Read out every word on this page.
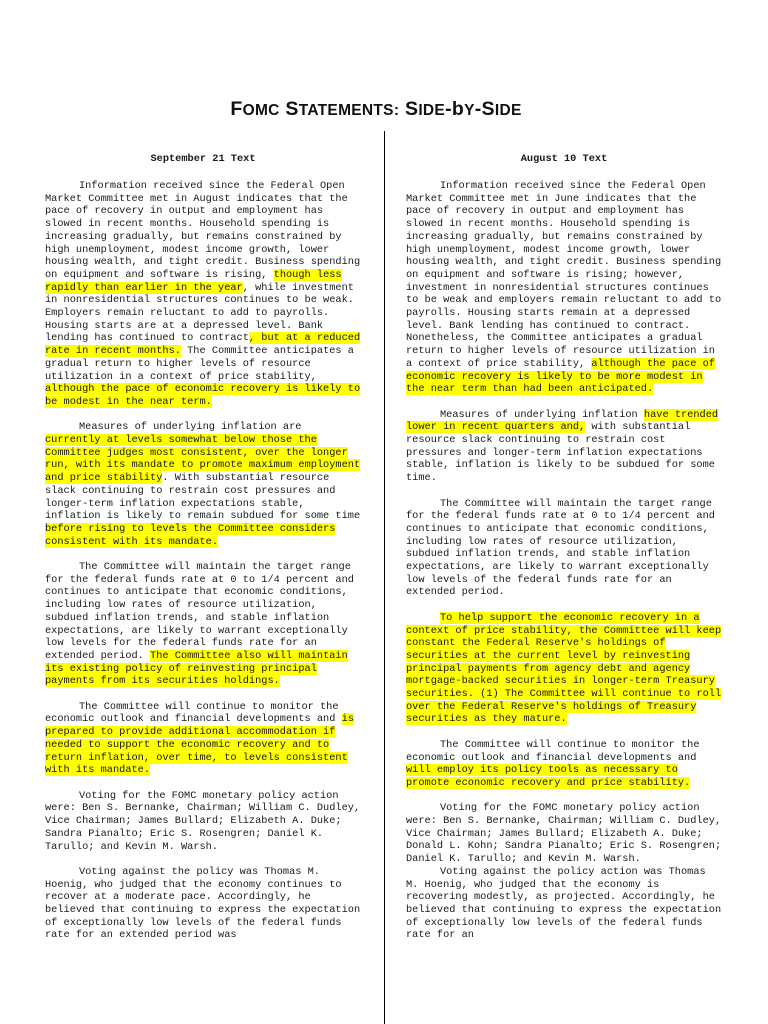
FOMC STATEMENTS: SIDE-bY-SIDE
September 21 Text

Information received since the Federal Open Market Committee met in August indicates that the pace of recovery in output and employment has slowed in recent months. Household spending is increasing gradually, but remains constrained by high unemployment, modest income growth, lower housing wealth, and tight credit. Business spending on equipment and software is rising, though less rapidly than earlier in the year, while investment in nonresidential structures continues to be weak. Employers remain reluctant to add to payrolls. Housing starts are at a depressed level. Bank lending has continued to contract, but at a reduced rate in recent months. The Committee anticipates a gradual return to higher levels of resource utilization in a context of price stability, although the pace of economic recovery is likely to be modest in the near term.

Measures of underlying inflation are currently at levels somewhat below those the Committee judges most consistent, over the longer run, with its mandate to promote maximum employment and price stability. With substantial resource slack continuing to restrain cost pressures and longer-term inflation expectations stable, inflation is likely to remain subdued for some time before rising to levels the Committee considers consistent with its mandate.

The Committee will maintain the target range for the federal funds rate at 0 to 1/4 percent and continues to anticipate that economic conditions, including low rates of resource utilization, subdued inflation trends, and stable inflation expectations, are likely to warrant exceptionally low levels for the federal funds rate for an extended period. The Committee also will maintain its existing policy of reinvesting principal payments from its securities holdings.

The Committee will continue to monitor the economic outlook and financial developments and is prepared to provide additional accommodation if needed to support the economic recovery and to return inflation, over time, to levels consistent with its mandate.

Voting for the FOMC monetary policy action were: Ben S. Bernanke, Chairman; William C. Dudley, Vice Chairman; James Bullard; Elizabeth A. Duke; Sandra Pianalto; Eric S. Rosengren; Daniel K. Tarullo; and Kevin M. Warsh.

Voting against the policy was Thomas M. Hoenig, who judged that the economy continues to recover at a moderate pace. Accordingly, he believed that continuing to express the expectation of exceptionally low levels of the federal funds rate for an extended period was

August 10 Text

Information received since the Federal Open Market Committee met in June indicates that the pace of recovery in output and employment has slowed in recent months. Household spending is increasing gradually, but remains constrained by high unemployment, modest income growth, lower housing wealth, and tight credit. Business spending on equipment and software is rising; however, investment in nonresidential structures continues to be weak and employers remain reluctant to add to payrolls. Housing starts remain at a depressed level. Bank lending has continued to contract. Nonetheless, the Committee anticipates a gradual return to higher levels of resource utilization in a context of price stability, although the pace of economic recovery is likely to be more modest in the near term than had been anticipated.

Measures of underlying inflation have trended lower in recent quarters and, with substantial resource slack continuing to restrain cost pressures and longer-term inflation expectations stable, inflation is likely to be subdued for some time.

The Committee will maintain the target range for the federal funds rate at 0 to 1/4 percent and continues to anticipate that economic conditions, including low rates of resource utilization, subdued inflation trends, and stable inflation expectations, are likely to warrant exceptionally low levels of the federal funds rate for an extended period.

To help support the economic recovery in a context of price stability, the Committee will keep constant the Federal Reserve's holdings of securities at the current level by reinvesting principal payments from agency debt and agency mortgage-backed securities in longer-term Treasury securities. (1) The Committee will continue to roll over the Federal Reserve's holdings of Treasury securities as they mature.

The Committee will continue to monitor the economic outlook and financial developments and will employ its policy tools as necessary to promote economic recovery and price stability.

Voting for the FOMC monetary policy action were: Ben S. Bernanke, Chairman; William C. Dudley, Vice Chairman; James Bullard; Elizabeth A. Duke; Donald L. Kohn; Sandra Pianalto; Eric S. Rosengren; Daniel K. Tarullo; and Kevin M. Warsh.

Voting against the policy action was Thomas M. Hoenig, who judged that the economy is recovering modestly, as projected. Accordingly, he believed that continuing to express the expectation of exceptionally low levels of the federal funds rate for an
